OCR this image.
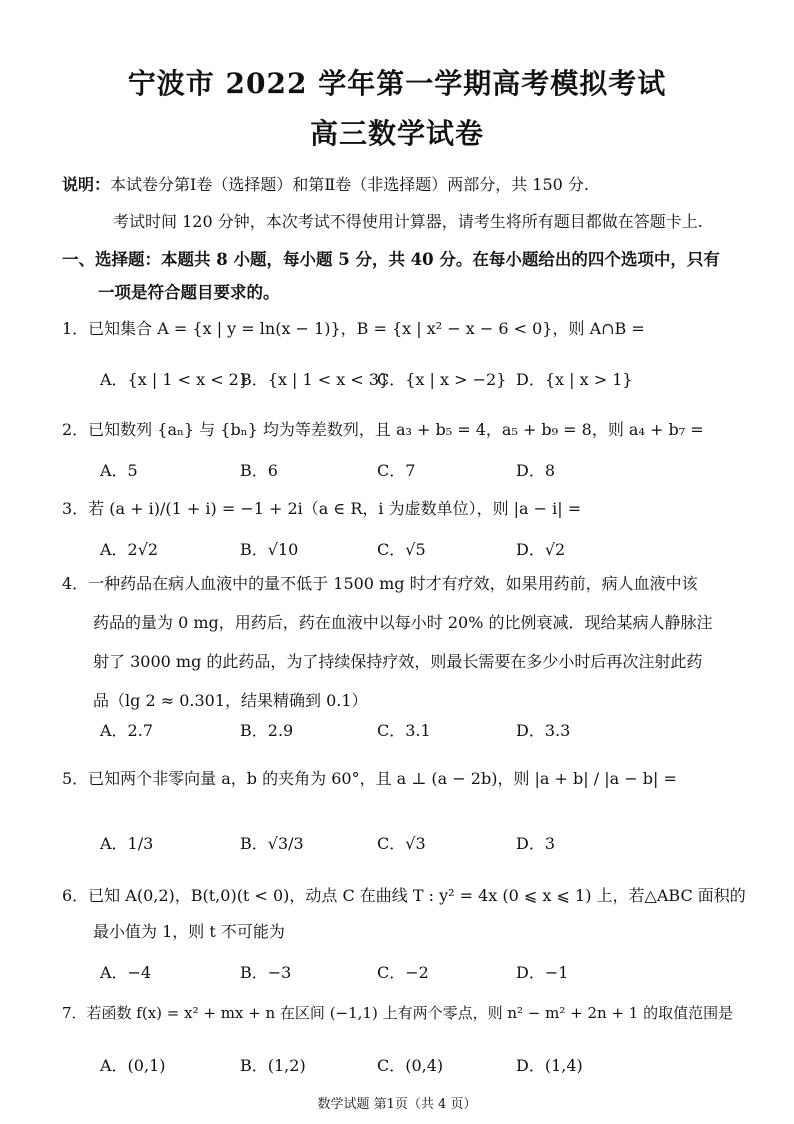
宁波市 2022 学年第一学期高考模拟考试
高三数学试卷
说明：本试卷分第Ⅰ卷（选择题）和第Ⅱ卷（非选择题）两部分，共 150 分.
考试时间 120 分钟，本次考试不得使用计算器，请考生将所有题目都做在答题卡上.
一、选择题：本题共 8 小题，每小题 5 分，共 40 分。在每小题给出的四个选项中，只有
一项是符合题目要求的。
1．已知集合 A = {x | y = ln(x − 1)}，B = {x | x² − x − 6 < 0}，则 A∩B =
A．{x | 1 < x < 2}
B．{x | 1 < x < 3}
C．{x | x > −2} D．{x | x > 1}
2．已知数列 {aₙ} 与 {bₙ} 均为等差数列，且 a₃ + b₅ = 4，a₅ + b₉ = 8，则 a₄ + b₇ =
A．5	B．6	C．7	D．8
3．若 (a + i)/(1 + i) = −1 + 2i（a ∈ R，i 为虚数单位），则 |a − i| =
A．2√2	B．√10	C．√5	D．√2
4．一种药品在病人血液中的量不低于 1500 mg 时才有疗效，如果用药前，病人血液中该
药品的量为 0 mg，用药后，药在血液中以每小时 20% 的比例衰减．现给某病人静脉注
射了 3000 mg 的此药品，为了持续保持疗效，则最长需要在多少小时后再次注射此药
品（lg 2 ≈ 0.301，结果精确到 0.1）
A．2.7	B．2.9	C．3.1	D．3.3
5．已知两个非零向量 a，b 的夹角为 60°，且 a ⊥ (a − 2b)，则 |a + b| / |a − b| =
A．1/3	B．√3/3	C．√3	D．3
6．已知 A(0,2)，B(t,0)(t < 0)，动点 C 在曲线 T : y² = 4x (0 ⩽ x ⩽ 1) 上，若△ABC 面积的
最小值为 1，则 t 不可能为
A．−4	B．−3	C．−2	D．−1
7．若函数 f(x) = x² + mx + n 在区间 (−1,1) 上有两个零点，则 n² − m² + 2n + 1 的取值范围是
A．(0,1)	B．(1,2)	C．(0,4)	D．(1,4)
数学试题 第1页（共 4 页）
